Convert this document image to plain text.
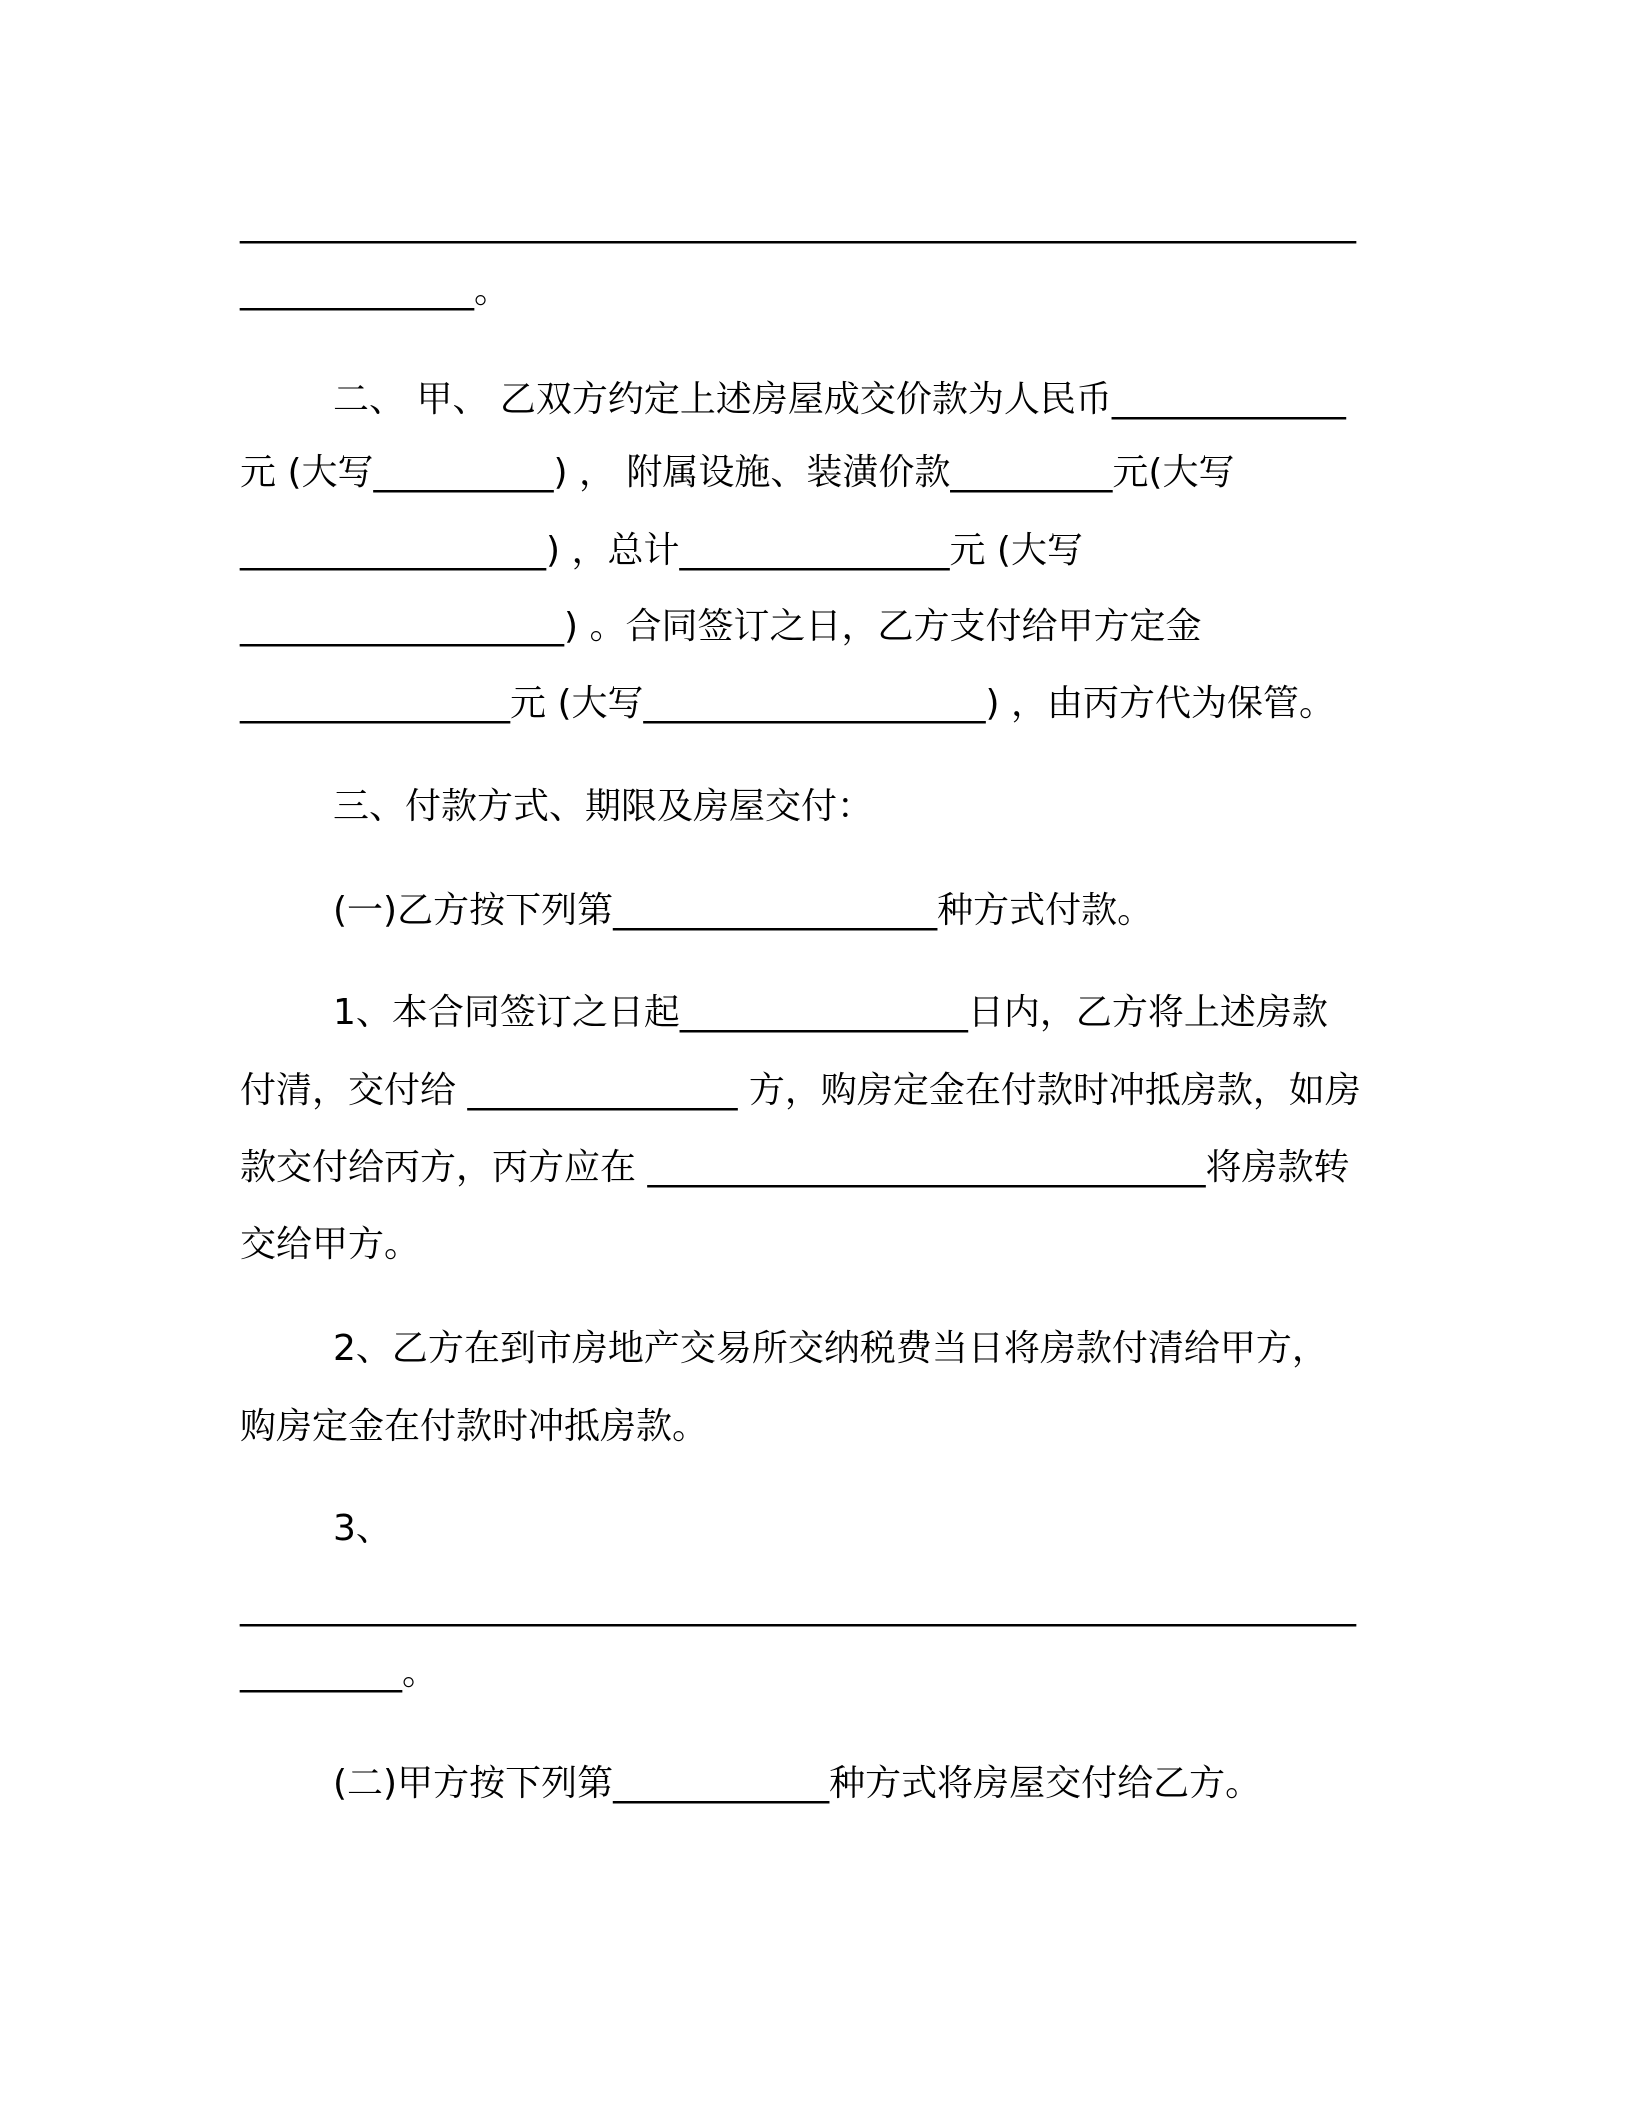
______________________________________________________________
_____________。
二、 甲、 乙双方约定上述房屋成交价款为人民币_____________
元 (大写__________) ， 附属设施、装潢价款_________元(大写
_________________) ，总计_______________元 (大写
__________________) 。合同签订之日，乙方支付给甲方定金
_______________元 (大写___________________) ，由丙方代为保管。
三、付款方式、期限及房屋交付：
(一)乙方按下列第__________________种方式付款。
1、本合同签订之日起________________日内，乙方将上述房款
付清，交付给 _______________ 方，购房定金在付款时冲抵房款，如房
款交付给丙方，丙方应在 _______________________________将房款转
交给甲方。
2、乙方在到市房地产交易所交纳税费当日将房款付清给甲方，
购房定金在付款时冲抵房款。
3、
______________________________________________________________
_________。
(二)甲方按下列第____________种方式将房屋交付给乙方。
